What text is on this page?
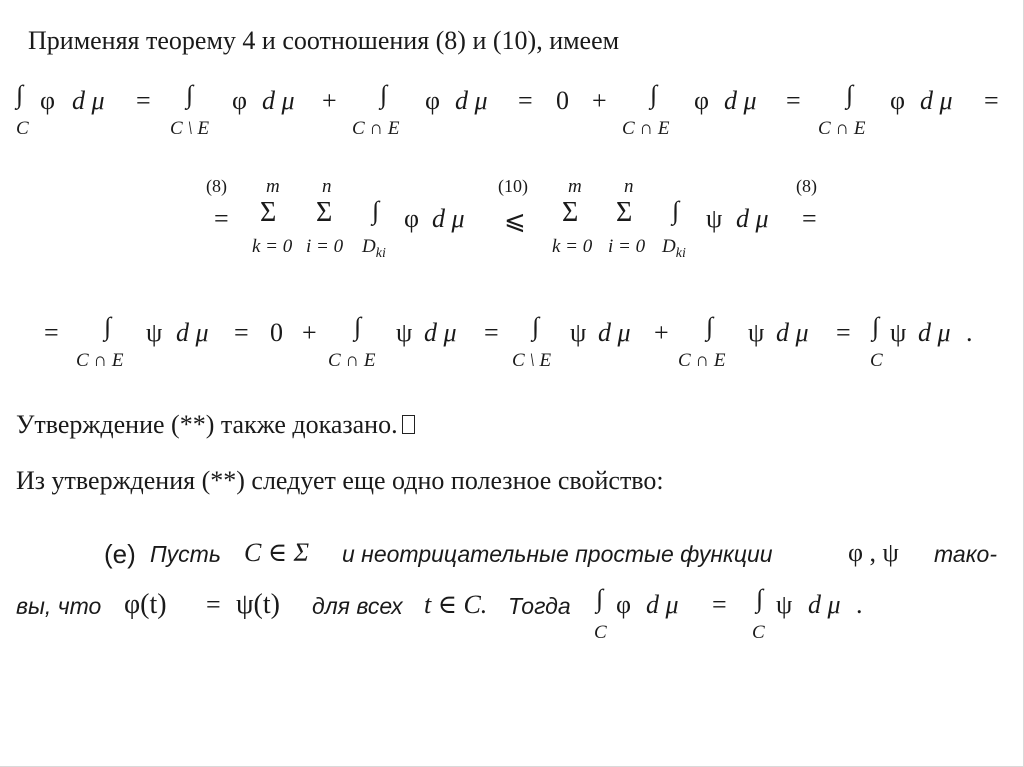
Применяя теорему 4 и соотношения (8) и (10), имеем
∫
C
φ d μ = ∫
C \ E
φ d μ + ∫
C ∩ E
φ d μ = 0 + ∫
C ∩ E
φ d μ = ∫
C ∩ E
φ d μ =
(8)
=
m
Σ
k = 0
n
Σ
i = 0
∫
$D_{ki}$
φ d μ
(10)
⩽
m
Σ
k = 0
n
Σ
i = 0
∫
$D_{ki}$
ψ d μ
(8)
=
= ∫
C ∩ E
ψ d μ = 0 + ∫
C ∩ E
ψ d μ = ∫
C \ E
ψ d μ + ∫
C ∩ E
ψ d μ = ∫
C
ψ d μ .
Утверждение (**) также доказано.
Из утверждения (**) следует еще одно полезное свойство:
(е) Пусть C ∈ Σ и неотрицательные простые функции	φ , ψ тако-
вы, что φ(t) = ψ(t) для всех t ∈ C. Тогда ∫
C
φ d μ = ∫
C
ψ d μ .
